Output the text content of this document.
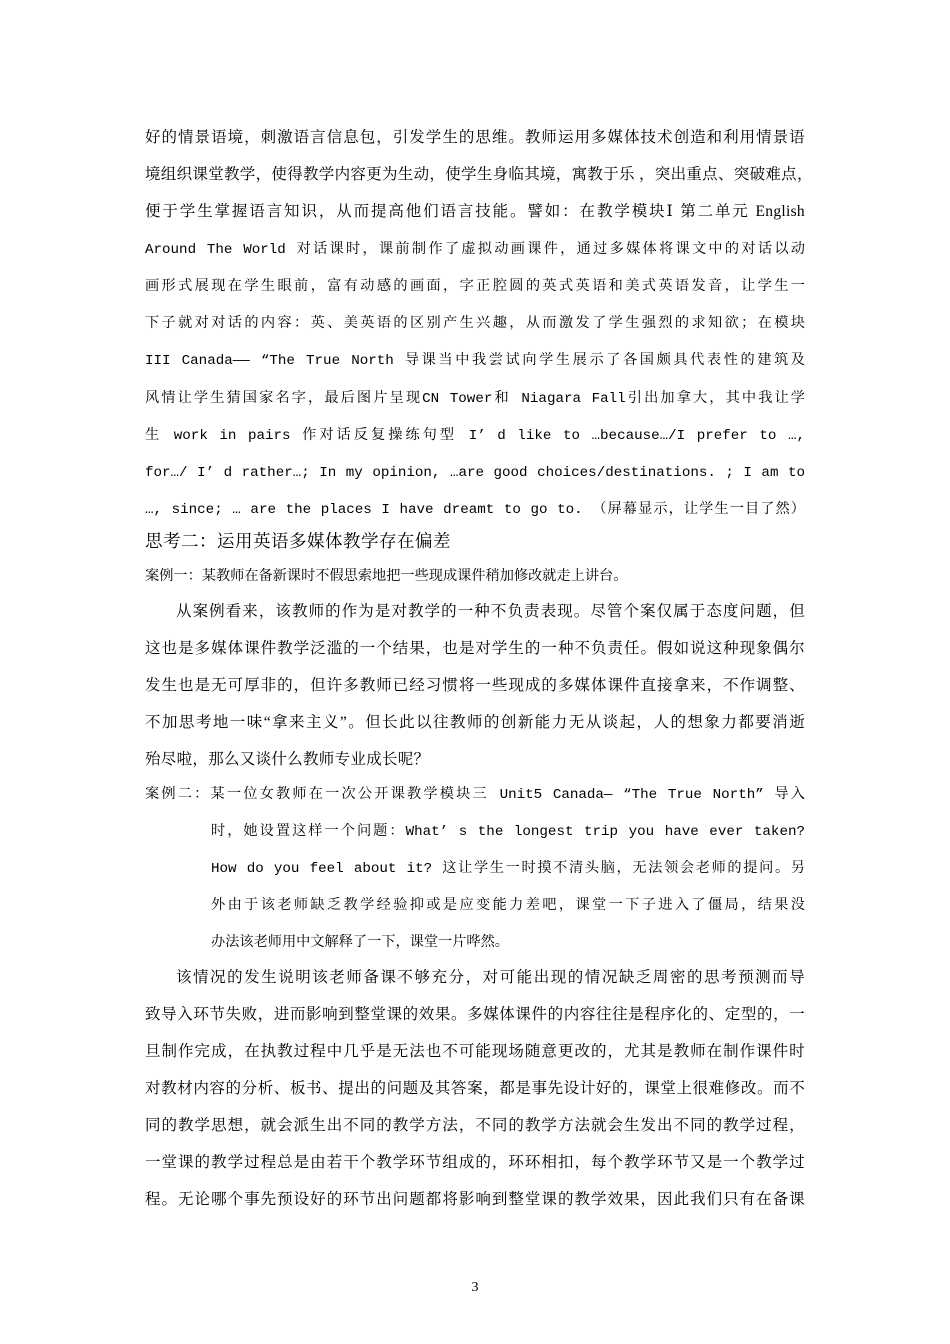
好的情景语境，刺激语言信息包，引发学生的思维。教师运用多媒体技术创造和利用情景语
境组织课堂教学，使得教学内容更为生动，使学生身临其境，寓教于乐 ，突出重点、突破难点，
便于学生掌握语言知识，从而提高他们语言技能。譬如：在教学模块Ⅰ 第二单元 English
Around The World 对话课时，课前制作了虚拟动画课件，通过多媒体将课文中的对话以动
画形式展现在学生眼前，富有动感的画面，字正腔圆的英式英语和美式英语发音，让学生一
下子就对对话的内容：英、美英语的区别产生兴趣，从而激发了学生强烈的求知欲；在模块
III Canada—— “The True North 导课当中我尝试向学生展示了各国颇具代表性的建筑及
风情让学生猜国家名字，最后图片呈现CN Tower和 Niagara Fall引出加拿大，其中我让学
生 work in pairs 作对话反复操练句型 I’ d like to …because…/I prefer to …,
for…/ I’ d rather…; In my opinion, …are good choices/destinations. ; I am to
…, since; … are the places I have dreamt to go to. （屏幕显示，让学生一目了然）
思考二：运用英语多媒体教学存在偏差
案例一：某教师在备新课时不假思索地把一些现成课件稍加修改就走上讲台。
从案例看来，该教师的作为是对教学的一种不负责表现。尽管个案仅属于态度问题，但
这也是多媒体课件教学泛滥的一个结果，也是对学生的一种不负责任。假如说这种现象偶尔
发生也是无可厚非的，但许多教师已经习惯将一些现成的多媒体课件直接拿来，不作调整、
不加思考地一味“拿来主义”。但长此以往教师的创新能力无从谈起，人的想象力都要消逝
殆尽啦，那么又谈什么教师专业成长呢？
案例二：某一位女教师在一次公开课教学模块三 Unit5 Canada— “The True North” 导入
时，她设置这样一个问题：What’ s the longest trip you have ever taken?
How do you feel about it? 这让学生一时摸不清头脑，无法领会老师的提问。另
外由于该老师缺乏教学经验抑或是应变能力差吧，课堂一下子进入了僵局，结果没
办法该老师用中文解释了一下，课堂一片哗然。
该情况的发生说明该老师备课不够充分，对可能出现的情况缺乏周密的思考预测而导
致导入环节失败，进而影响到整堂课的效果。多媒体课件的内容往往是程序化的、定型的，一
旦制作完成，在执教过程中几乎是无法也不可能现场随意更改的，尤其是教师在制作课件时
对教材内容的分析、板书、提出的问题及其答案，都是事先设计好的，课堂上很难修改。而不
同的教学思想，就会派生出不同的教学方法，不同的教学方法就会生发出不同的教学过程，
一堂课的教学过程总是由若干个教学环节组成的，环环相扣，每个教学环节又是一个教学过
程。无论哪个事先预设好的环节出问题都将影响到整堂课的教学效果，因此我们只有在备课
3
